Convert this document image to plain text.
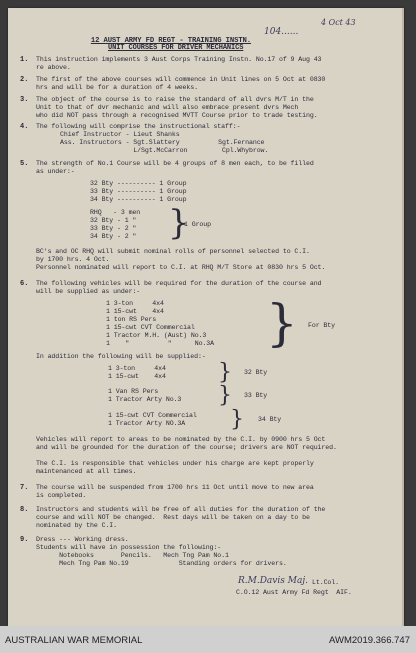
12 AUST ARMY FD REGT - TRAINING INSTN.

104......
4 Oct 43
UNIT COURSES FOR DRIVER MECHANICS
1. This instruction implements 3 Aust Corps Training Instn. No.17 of 9 Aug 43
re above.
2. The first of the above courses will commence in Unit lines on 5 Oct at 0830
hrs and will be for a duration of 4 weeks.
3. The object of the course is to raise the standard of all dvrs M/T in the
Unit to that of dvr mechanic and will also embrace present dvrs Mech
who did NOT pass through a recognised MVTT Course prior to trade testing.
4. The following will comprise the instructional staff:-
Chief Instructor - Lieut Shanks
Ass. Instructors - Sgt.Slattery          Sgt.Fernance
L/Sgt.McCarron         Cpl.Whybrow.
5. The strength of No.1 Course will be 4 groups of 8 men each, to be filled
as under:-
32 Bty ---------- 1 Group
33 Bty ---------- 1 Group
34 Bty ---------- 1 Group
RHQ   - 3 men
32 Bty - 1 "
33 Bty - 2 "
34 Bty - 2 " }
1 Group
BC's and OC RHQ will submit nominal rolls of personnel selected to C.I.
by 1700 hrs. 4 Oct.
Personnel nominated will report to C.I. at RHQ M/T Store at 0830 hrs 5 Oct.
6. The following vehicles will be required for the duration of the course and
will be supplied as under:-
1 3-ton     4x4
1 15-cwt    4x4
1 ton RS Pers
1 15-cwt CVT Commercial
1 Tractor M.H. (Aust) No.3
1    "          "      No.3A } For Bty
In addition the following will be supplied:-
1 3-ton     4x4
1 15-cwt    4x4 } 32 Bty
1 Van RS Pers
1 Tractor Arty No.3 } 33 Bty
1 15-cwt CVT Commercial
1 Tractor Arty NO.3A } 34 Bty
Vehicles will report to areas to be nominated by the C.I. by 0900 hrs 5 Oct
and will be grounded for the duration of the course; drivers are NOT required.
The C.I. is responsible that vehicles under his charge are kept properly
maintenanced at all times.
7. The course will be suspended from 1700 hrs 11 Oct until move to new area
is completed.
8. Instructors and students will be free of all duties for the duration of the
course and will NOT be changed.  Rest days will be taken on a day to be
nominated by the C.I.
9. Dress --- Working dress.
Students will have in possession the following:-
Notebooks       Pencils.   Mech Tng Pam No.1
Mech Tng Pam No.19             Standing orders for drivers.
R.M.Davis Maj. Lt.Col.
C.O.12 Aust Army Fd Regt  AIF.
AUSTRALIAN WAR MEMORIAL	AWM2019.366.747
